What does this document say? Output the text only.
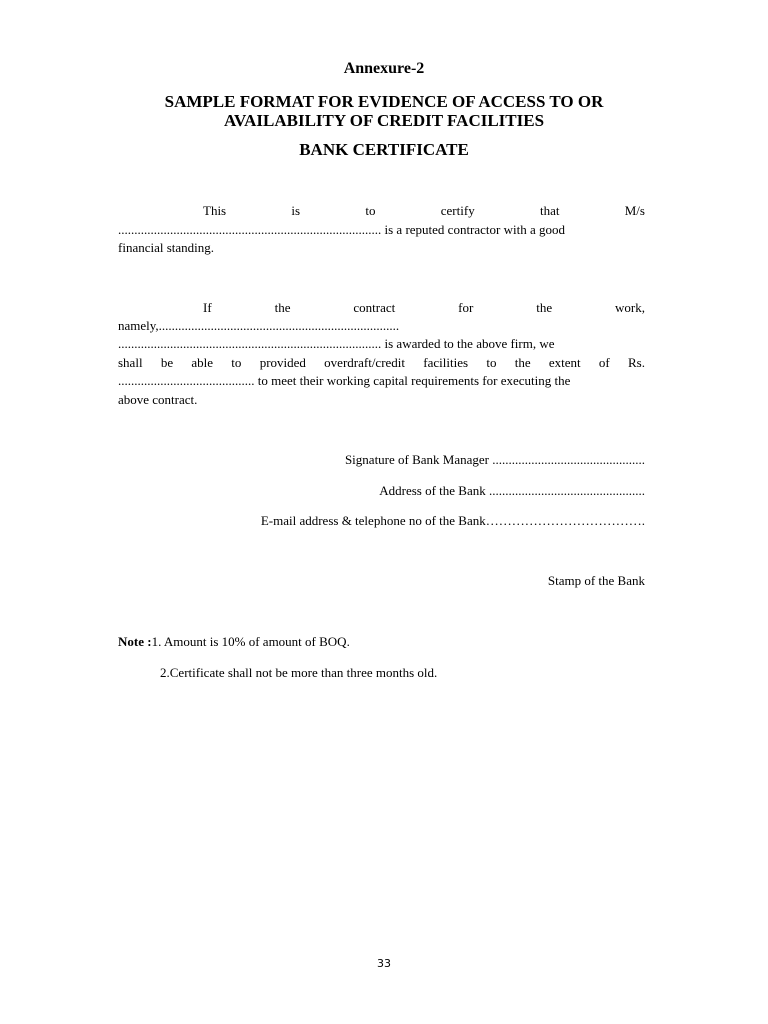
Annexure-2
SAMPLE FORMAT FOR EVIDENCE OF ACCESS TO OR
AVAILABILITY OF CREDIT FACILITIES
BANK CERTIFICATE
This	is	to	certify	that	M/s
................................................................................. is a reputed contractor with a good
financial standing.
If	the	contract	for	the	work,
namely,..........................................................................
................................................................................. is awarded to the above firm, we
shall be able to provided overdraft/credit facilities to the extent of Rs.
.......................................... to meet their working capital requirements for executing the
above contract.
Signature of Bank Manager ...............................................
Address of the Bank ................................................
E-mail address & telephone no of the Bank……………………………….
Stamp of the Bank
Note :1. Amount is 10% of amount of BOQ.
2.Certificate shall not be more than three months old.
33
